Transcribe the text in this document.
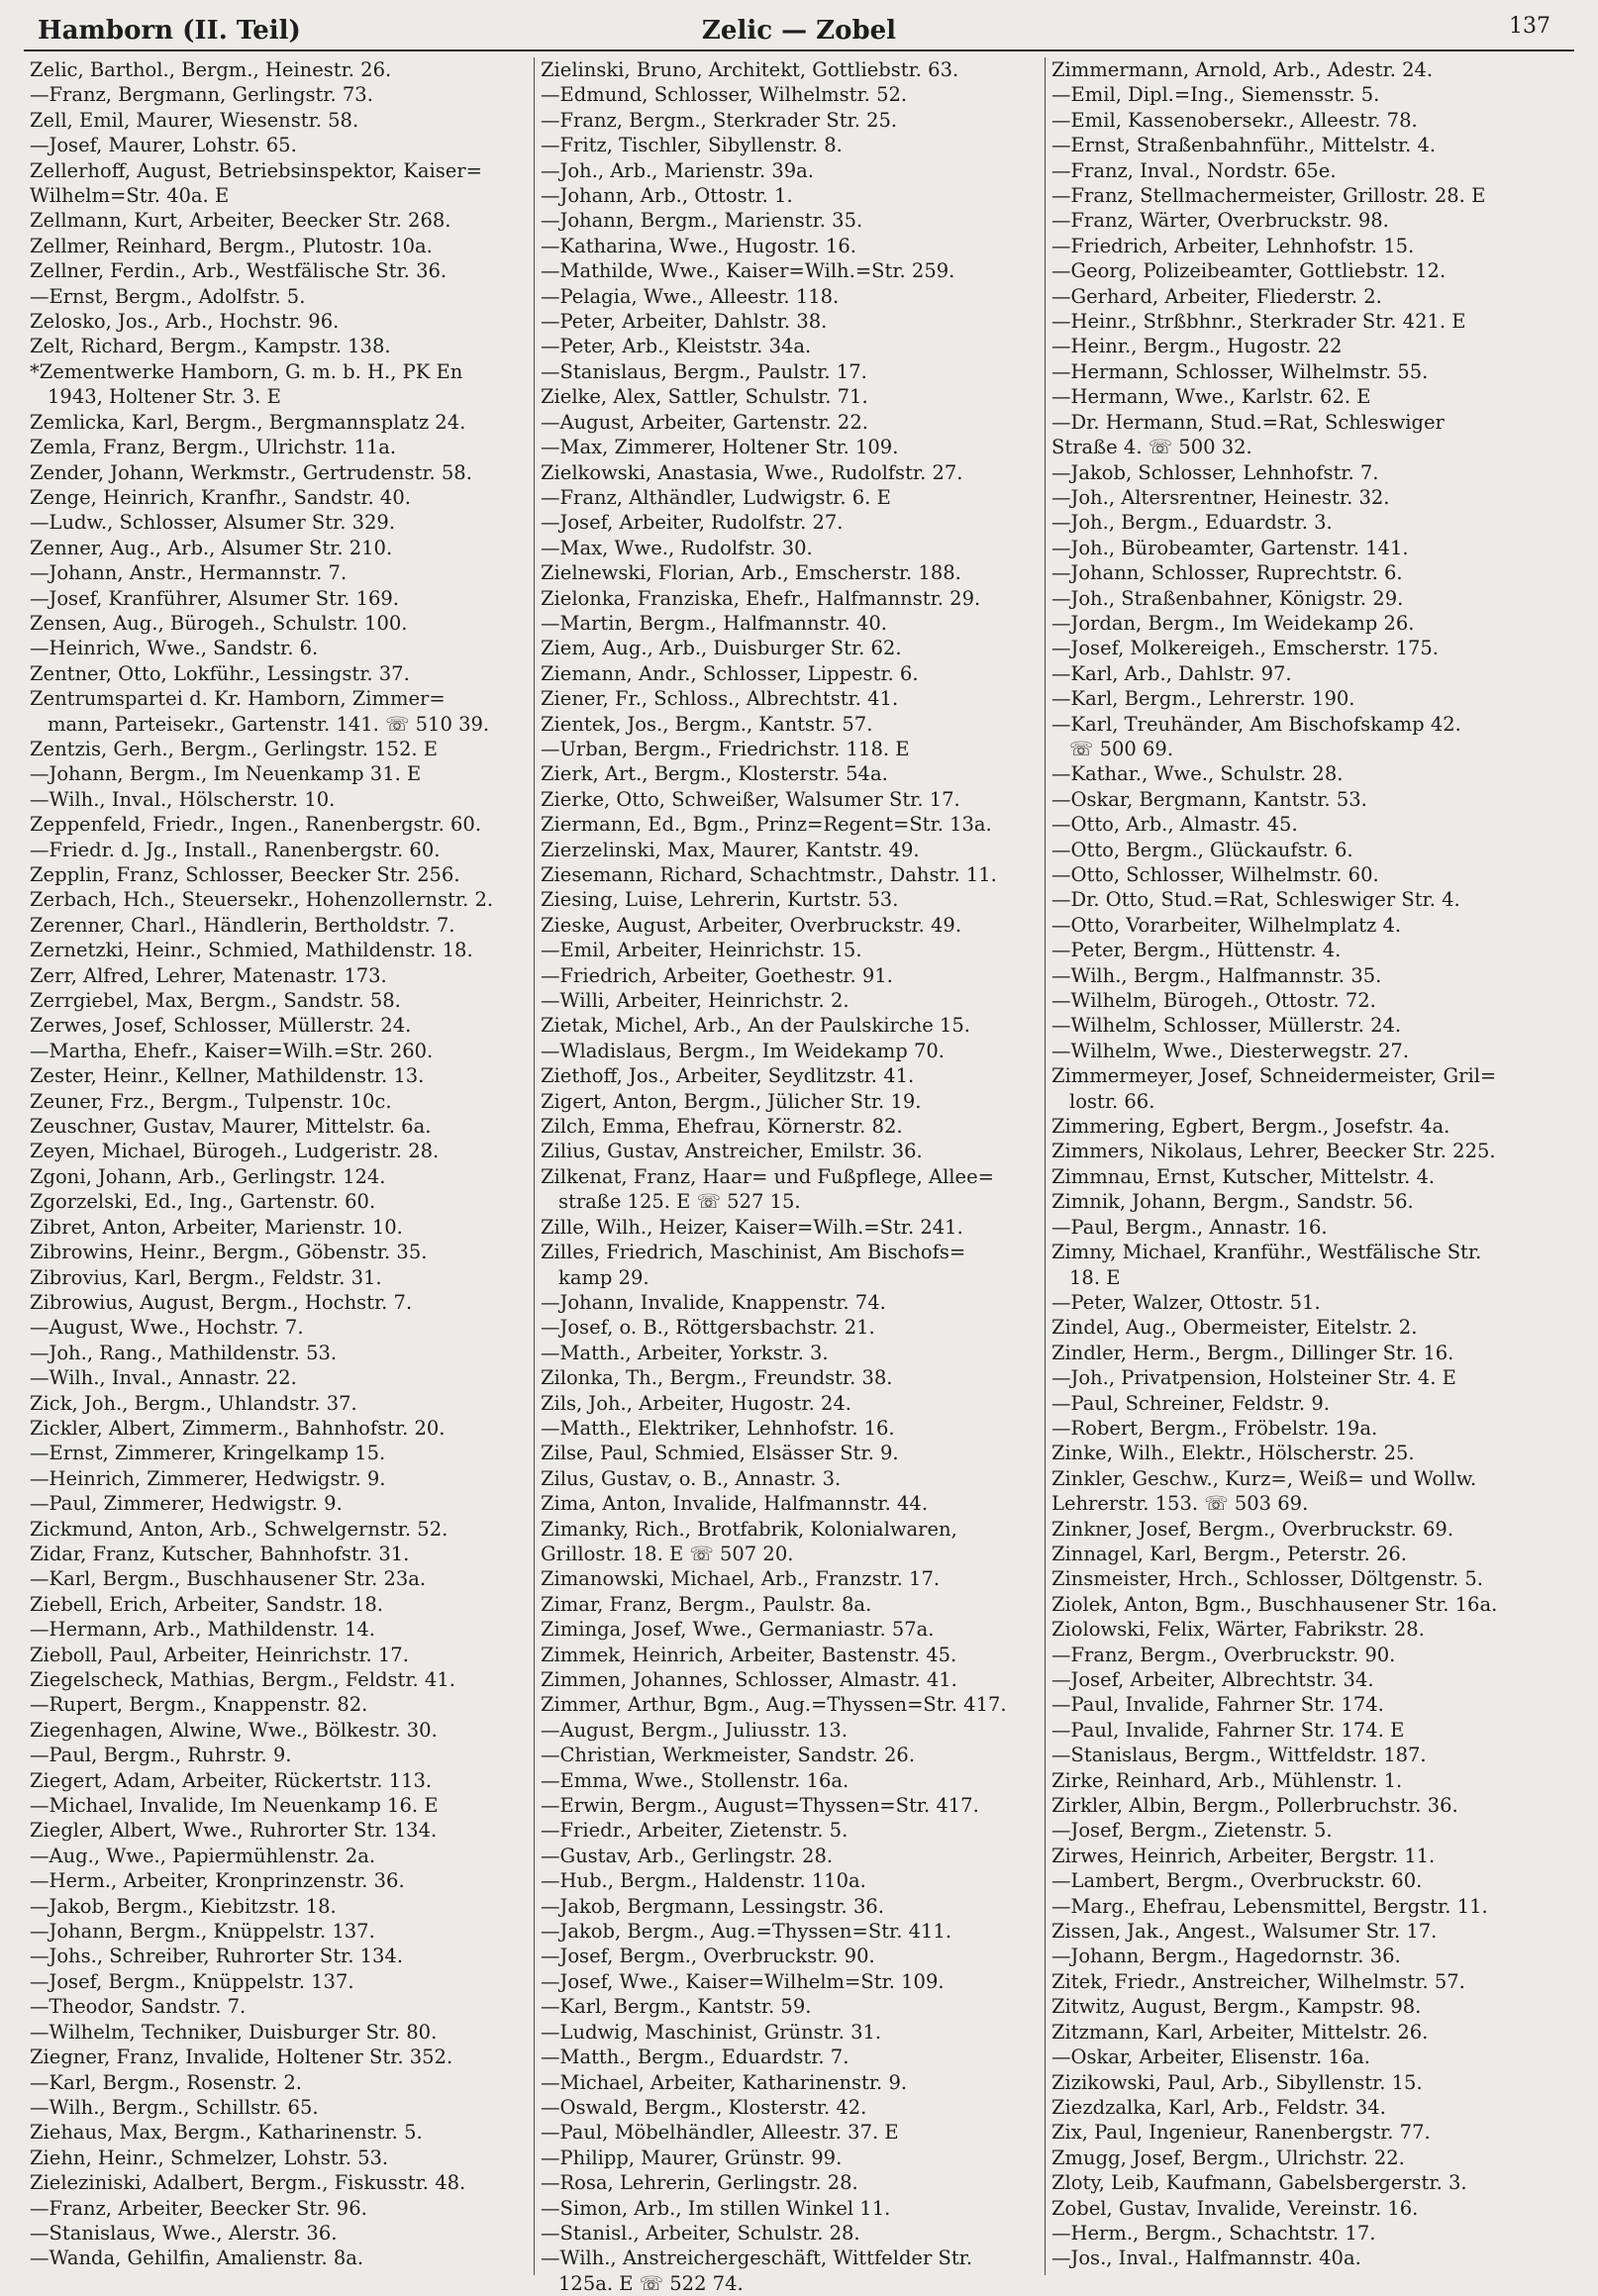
Hamborn (II. Teil)	Zelic — Zobel	137
Zelic, Barthol., Bergm., Heinestr. 26.
—Franz, Bergmann, Gerlingstr. 73.
Zell, Emil, Maurer, Wiesenstr. 58.
—Josef, Maurer, Lohstr. 65.
Zellerhoff, August, Betriebsinspektor, Kaiser=
Wilhelm=Str. 40a. E
Zellmann, Kurt, Arbeiter, Beecker Str. 268.
Zellmer, Reinhard, Bergm., Plutostr. 10a.
Zellner, Ferdin., Arb., Westfälische Str. 36.
—Ernst, Bergm., Adolfstr. 5.
Zelosko, Jos., Arb., Hochstr. 96.
Zelt, Richard, Bergm., Kampstr. 138.
*Zementwerke Hamborn, G. m. b. H., PK En
1943, Holtener Str. 3. E
Zemlicka, Karl, Bergm., Bergmannsplatz 24.
Zemla, Franz, Bergm., Ulrichstr. 11a.
Zender, Johann, Werkmstr., Gertrudenstr. 58.
Zenge, Heinrich, Kranfhr., Sandstr. 40.
—Ludw., Schlosser, Alsumer Str. 329.
Zenner, Aug., Arb., Alsumer Str. 210.
—Johann, Anstr., Hermannstr. 7.
—Josef, Kranführer, Alsumer Str. 169.
Zensen, Aug., Bürogeh., Schulstr. 100.
—Heinrich, Wwe., Sandstr. 6.
Zentner, Otto, Lokführ., Lessingstr. 37.
Zentrumspartei d. Kr. Hamborn, Zimmer=
mann, Parteisekr., Gartenstr. 141. ☏ 510 39.
Zentzis, Gerh., Bergm., Gerlingstr. 152. E
—Johann, Bergm., Im Neuenkamp 31. E
—Wilh., Inval., Hölscherstr. 10.
Zeppenfeld, Friedr., Ingen., Ranenbergstr. 60.
—Friedr. d. Jg., Install., Ranenbergstr. 60.
Zepplin, Franz, Schlosser, Beecker Str. 256.
Zerbach, Hch., Steuersekr., Hohenzollernstr. 2.
Zerenner, Charl., Händlerin, Bertholdstr. 7.
Zernetzki, Heinr., Schmied, Mathildenstr. 18.
Zerr, Alfred, Lehrer, Matenastr. 173.
Zerrgiebel, Max, Bergm., Sandstr. 58.
Zerwes, Josef, Schlosser, Müllerstr. 24.
—Martha, Ehefr., Kaiser=Wilh.=Str. 260.
Zester, Heinr., Kellner, Mathildenstr. 13.
Zeuner, Frz., Bergm., Tulpenstr. 10c.
Zeuschner, Gustav, Maurer, Mittelstr. 6a.
Zeyen, Michael, Bürogeh., Ludgeristr. 28.
Zgoni, Johann, Arb., Gerlingstr. 124.
Zgorzelski, Ed., Ing., Gartenstr. 60.
Zibret, Anton, Arbeiter, Marienstr. 10.
Zibrowins, Heinr., Bergm., Göbenstr. 35.
Zibrovius, Karl, Bergm., Feldstr. 31.
Zibrowius, August, Bergm., Hochstr. 7.
—August, Wwe., Hochstr. 7.
—Joh., Rang., Mathildenstr. 53.
—Wilh., Inval., Annastr. 22.
Zick, Joh., Bergm., Uhlandstr. 37.
Zickler, Albert, Zimmerm., Bahnhofstr. 20.
—Ernst, Zimmerer, Kringelkamp 15.
—Heinrich, Zimmerer, Hedwigstr. 9.
—Paul, Zimmerer, Hedwigstr. 9.
Zickmund, Anton, Arb., Schwelgernstr. 52.
Zidar, Franz, Kutscher, Bahnhofstr. 31.
—Karl, Bergm., Buschhausener Str. 23a.
Ziebell, Erich, Arbeiter, Sandstr. 18.
—Hermann, Arb., Mathildenstr. 14.
Zieboll, Paul, Arbeiter, Heinrichstr. 17.
Ziegelscheck, Mathias, Bergm., Feldstr. 41.
—Rupert, Bergm., Knappenstr. 82.
Ziegenhagen, Alwine, Wwe., Bölkestr. 30.
—Paul, Bergm., Ruhrstr. 9.
Ziegert, Adam, Arbeiter, Rückertstr. 113.
—Michael, Invalide, Im Neuenkamp 16. E
Ziegler, Albert, Wwe., Ruhrorter Str. 134.
—Aug., Wwe., Papiermühlenstr. 2a.
—Herm., Arbeiter, Kronprinzenstr. 36.
—Jakob, Bergm., Kiebitzstr. 18.
—Johann, Bergm., Knüppelstr. 137.
—Johs., Schreiber, Ruhrorter Str. 134.
—Josef, Bergm., Knüppelstr. 137.
—Theodor, Sandstr. 7.
—Wilhelm, Techniker, Duisburger Str. 80.
Ziegner, Franz, Invalide, Holtener Str. 352.
—Karl, Bergm., Rosenstr. 2.
—Wilh., Bergm., Schillstr. 65.
Ziehaus, Max, Bergm., Katharinenstr. 5.
Ziehn, Heinr., Schmelzer, Lohstr. 53.
Zieleziniski, Adalbert, Bergm., Fiskusstr. 48.
—Franz, Arbeiter, Beecker Str. 96.
—Stanislaus, Wwe., Alerstr. 36.
—Wanda, Gehilfin, Amalienstr. 8a.
Zielinski, Bruno, Architekt, Gottliebstr. 63.
—Edmund, Schlosser, Wilhelmstr. 52.
—Franz, Bergm., Sterkrader Str. 25.
—Fritz, Tischler, Sibyllenstr. 8.
—Joh., Arb., Marienstr. 39a.
—Johann, Arb., Ottostr. 1.
—Johann, Bergm., Marienstr. 35.
—Katharina, Wwe., Hugostr. 16.
—Mathilde, Wwe., Kaiser=Wilh.=Str. 259.
—Pelagia, Wwe., Alleestr. 118.
—Peter, Arbeiter, Dahlstr. 38.
—Peter, Arb., Kleiststr. 34a.
—Stanislaus, Bergm., Paulstr. 17.
Zielke, Alex, Sattler, Schulstr. 71.
—August, Arbeiter, Gartenstr. 22.
—Max, Zimmerer, Holtener Str. 109.
Zielkowski, Anastasia, Wwe., Rudolfstr. 27.
—Franz, Althändler, Ludwigstr. 6. E
—Josef, Arbeiter, Rudolfstr. 27.
—Max, Wwe., Rudolfstr. 30.
Zielnewski, Florian, Arb., Emscherstr. 188.
Zielonka, Franziska, Ehefr., Halfmannstr. 29.
—Martin, Bergm., Halfmannstr. 40.
Ziem, Aug., Arb., Duisburger Str. 62.
Ziemann, Andr., Schlosser, Lippestr. 6.
Ziener, Fr., Schloss., Albrechtstr. 41.
Zientek, Jos., Bergm., Kantstr. 57.
—Urban, Bergm., Friedrichstr. 118. E
Zierk, Art., Bergm., Klosterstr. 54a.
Zierke, Otto, Schweißer, Walsumer Str. 17.
Ziermann, Ed., Bgm., Prinz=Regent=Str. 13a.
Zierzelinski, Max, Maurer, Kantstr. 49.
Ziesemann, Richard, Schachtmstr., Dahstr. 11.
Ziesing, Luise, Lehrerin, Kurtstr. 53.
Zieske, August, Arbeiter, Overbruckstr. 49.
—Emil, Arbeiter, Heinrichstr. 15.
—Friedrich, Arbeiter, Goethestr. 91.
—Willi, Arbeiter, Heinrichstr. 2.
Zietak, Michel, Arb., An der Paulskirche 15.
—Wladislaus, Bergm., Im Weidekamp 70.
Ziethoff, Jos., Arbeiter, Seydlitzstr. 41.
Zigert, Anton, Bergm., Jülicher Str. 19.
Zilch, Emma, Ehefrau, Körnerstr. 82.
Zilius, Gustav, Anstreicher, Emilstr. 36.
Zilkenat, Franz, Haar= und Fußpflege, Allee=
straße 125. E ☏ 527 15.
Zille, Wilh., Heizer, Kaiser=Wilh.=Str. 241.
Zilles, Friedrich, Maschinist, Am Bischofs=
kamp 29.
—Johann, Invalide, Knappenstr. 74.
—Josef, o. B., Röttgersbachstr. 21.
—Matth., Arbeiter, Yorkstr. 3.
Zilonka, Th., Bergm., Freundstr. 38.
Zils, Joh., Arbeiter, Hugostr. 24.
—Matth., Elektriker, Lehnhofstr. 16.
Zilse, Paul, Schmied, Elsässer Str. 9.
Zilus, Gustav, o. B., Annastr. 3.
Zima, Anton, Invalide, Halfmannstr. 44.
Zimanky, Rich., Brotfabrik, Kolonialwaren,
Grillostr. 18. E ☏ 507 20.
Zimanowski, Michael, Arb., Franzstr. 17.
Zimar, Franz, Bergm., Paulstr. 8a.
Ziminga, Josef, Wwe., Germaniastr. 57a.
Zimmek, Heinrich, Arbeiter, Bastenstr. 45.
Zimmen, Johannes, Schlosser, Almastr. 41.
Zimmer, Arthur, Bgm., Aug.=Thyssen=Str. 417.
—August, Bergm., Juliusstr. 13.
—Christian, Werkmeister, Sandstr. 26.
—Emma, Wwe., Stollenstr. 16a.
—Erwin, Bergm., August=Thyssen=Str. 417.
—Friedr., Arbeiter, Zietenstr. 5.
—Gustav, Arb., Gerlingstr. 28.
—Hub., Bergm., Haldenstr. 110a.
—Jakob, Bergmann, Lessingstr. 36.
—Jakob, Bergm., Aug.=Thyssen=Str. 411.
—Josef, Bergm., Overbruckstr. 90.
—Josef, Wwe., Kaiser=Wilhelm=Str. 109.
—Karl, Bergm., Kantstr. 59.
—Ludwig, Maschinist, Grünstr. 31.
—Matth., Bergm., Eduardstr. 7.
—Michael, Arbeiter, Katharinenstr. 9.
—Oswald, Bergm., Klosterstr. 42.
—Paul, Möbelhändler, Alleestr. 37. E
—Philipp, Maurer, Grünstr. 99.
—Rosa, Lehrerin, Gerlingstr. 28.
—Simon, Arb., Im stillen Winkel 11.
—Stanisl., Arbeiter, Schulstr. 28.
—Wilh., Anstreichergeschäft, Wittfelder Str.
125a. E ☏ 522 74.
Zimmermann, Arnold, Arb., Adestr. 24.
—Emil, Dipl.=Ing., Siemensstr. 5.
—Emil, Kassenobersekr., Alleestr. 78.
—Ernst, Straßenbahnführ., Mittelstr. 4.
—Franz, Inval., Nordstr. 65e.
—Franz, Stellmachermeister, Grillostr. 28. E
—Franz, Wärter, Overbruckstr. 98.
—Friedrich, Arbeiter, Lehnhofstr. 15.
—Georg, Polizeibeamter, Gottliebstr. 12.
—Gerhard, Arbeiter, Fliederstr. 2.
—Heinr., Strßbhnr., Sterkrader Str. 421. E
—Heinr., Bergm., Hugostr. 22
—Hermann, Schlosser, Wilhelmstr. 55.
—Hermann, Wwe., Karlstr. 62. E
—Dr. Hermann, Stud.=Rat, Schleswiger
Straße 4. ☏ 500 32.
—Jakob, Schlosser, Lehnhofstr. 7.
—Joh., Altersrentner, Heinestr. 32.
—Joh., Bergm., Eduardstr. 3.
—Joh., Bürobeamter, Gartenstr. 141.
—Johann, Schlosser, Ruprechtstr. 6.
—Joh., Straßenbahner, Königstr. 29.
—Jordan, Bergm., Im Weidekamp 26.
—Josef, Molkereigeh., Emscherstr. 175.
—Karl, Arb., Dahlstr. 97.
—Karl, Bergm., Lehrerstr. 190.
—Karl, Treuhänder, Am Bischofskamp 42.
☏ 500 69.
—Kathar., Wwe., Schulstr. 28.
—Oskar, Bergmann, Kantstr. 53.
—Otto, Arb., Almastr. 45.
—Otto, Bergm., Glückaufstr. 6.
—Otto, Schlosser, Wilhelmstr. 60.
—Dr. Otto, Stud.=Rat, Schleswiger Str. 4.
—Otto, Vorarbeiter, Wilhelmplatz 4.
—Peter, Bergm., Hüttenstr. 4.
—Wilh., Bergm., Halfmannstr. 35.
—Wilhelm, Bürogeh., Ottostr. 72.
—Wilhelm, Schlosser, Müllerstr. 24.
—Wilhelm, Wwe., Diesterwegstr. 27.
Zimmermeyer, Josef, Schneidermeister, Gril=
lostr. 66.
Zimmering, Egbert, Bergm., Josefstr. 4a.
Zimmers, Nikolaus, Lehrer, Beecker Str. 225.
Zimmnau, Ernst, Kutscher, Mittelstr. 4.
Zimnik, Johann, Bergm., Sandstr. 56.
—Paul, Bergm., Annastr. 16.
Zimny, Michael, Kranführ., Westfälische Str.
18. E
—Peter, Walzer, Ottostr. 51.
Zindel, Aug., Obermeister, Eitelstr. 2.
Zindler, Herm., Bergm., Dillinger Str. 16.
—Joh., Privatpension, Holsteiner Str. 4. E
—Paul, Schreiner, Feldstr. 9.
—Robert, Bergm., Fröbelstr. 19a.
Zinke, Wilh., Elektr., Hölscherstr. 25.
Zinkler, Geschw., Kurz=, Weiß= und Wollw.
Lehrerstr. 153. ☏ 503 69.
Zinkner, Josef, Bergm., Overbruckstr. 69.
Zinnagel, Karl, Bergm., Peterstr. 26.
Zinsmeister, Hrch., Schlosser, Döltgenstr. 5.
Ziolek, Anton, Bgm., Buschhausener Str. 16a.
Ziolowski, Felix, Wärter, Fabrikstr. 28.
—Franz, Bergm., Overbruckstr. 90.
—Josef, Arbeiter, Albrechtstr. 34.
—Paul, Invalide, Fahrner Str. 174.
—Paul, Invalide, Fahrner Str. 174. E
—Stanislaus, Bergm., Wittfeldstr. 187.
Zirke, Reinhard, Arb., Mühlenstr. 1.
Zirkler, Albin, Bergm., Pollerbruchstr. 36.
—Josef, Bergm., Zietenstr. 5.
Zirwes, Heinrich, Arbeiter, Bergstr. 11.
—Lambert, Bergm., Overbruckstr. 60.
—Marg., Ehefrau, Lebensmittel, Bergstr. 11.
Zissen, Jak., Angest., Walsumer Str. 17.
—Johann, Bergm., Hagedornstr. 36.
Zitek, Friedr., Anstreicher, Wilhelmstr. 57.
Zitwitz, August, Bergm., Kampstr. 98.
Zitzmann, Karl, Arbeiter, Mittelstr. 26.
—Oskar, Arbeiter, Elisenstr. 16a.
Zizikowski, Paul, Arb., Sibyllenstr. 15.
Ziezdzalka, Karl, Arb., Feldstr. 34.
Zix, Paul, Ingenieur, Ranenbergstr. 77.
Zmugg, Josef, Bergm., Ulrichstr. 22.
Zloty, Leib, Kaufmann, Gabelsbergerstr. 3.
Zobel, Gustav, Invalide, Vereinstr. 16.
—Herm., Bergm., Schachtstr. 17.
—Jos., Inval., Halfmannstr. 40a.
